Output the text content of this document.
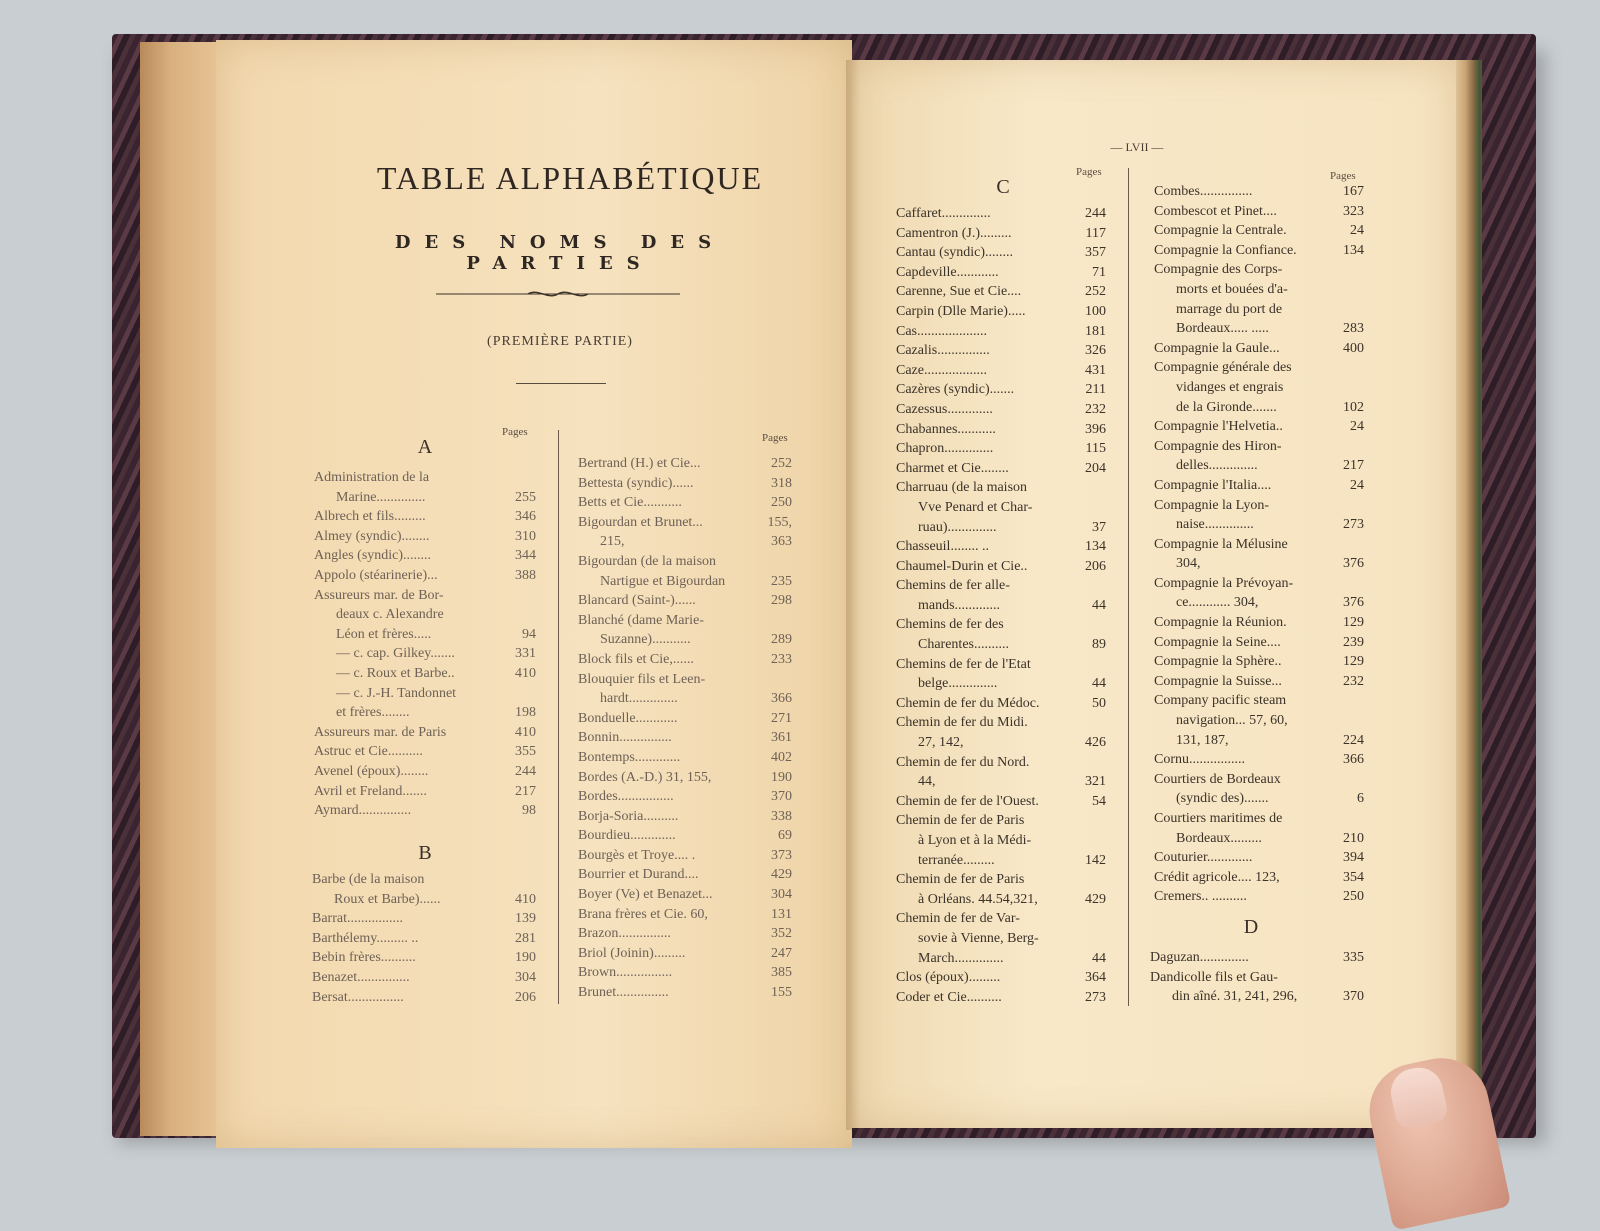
TABLE ALPHABÉTIQUE
DES NOMS DES PARTIES
(PREMIÈRE PARTIE)
Pages
A
Administration de la
Marine..............	255
Albrech et fils.........	346
Almey (syndic)........	310
Angles (syndic)........	344
Appolo (stéarinerie)...	388
Assureurs mar. de Bor-
deaux c. Alexandre
Léon et frères.....	94
— c. cap. Gilkey.......	331
— c. Roux et Barbe..	410
— c. J.-H. Tandonnet
et frères........	198
Assureurs mar. de Paris	410
Astruc et Cie..........	355
Avenel (époux)........	244
Avril et Freland.......	217
Aymard...............	98
B
Barbe (de la maison
Roux et Barbe)......	410
Barrat................	139
Barthélemy......... ..	281
Bebin frères..........	190
Benazet...............	304
Bersat................	206
Pages
Bertrand (H.) et Cie...	252
Bettesta (syndic)......	318
Betts et Cie...........	250
Bigourdan et Brunet...	155,
215,	363
Bigourdan (de la maison
Nartigue et Bigourdan	235
Blancard (Saint-)......	298
Blanché (dame Marie-
Suzanne)...........	289
Block fils et Cie,......	233
Blouquier fils et Leen-
hardt..............	366
Bonduelle............	271
Bonnin...............	361
Bontemps.............	402
Bordes (A.-D.) 31, 155,	190
Bordes................	370
Borja-Soria..........	338
Bourdieu.............	69
Bourgès et Troye.... .	373
Bourrier et Durand....	429
Boyer (Ve) et Benazet...	304
Brana frères et Cie. 60,	131
Brazon...............	352
Briol (Joinin).........	247
Brown................	385
Brunet...............	155
— LVII —
Pages
C
Caffaret..............	244
Camentron (J.).........	117
Cantau (syndic)........	357
Capdeville............	71
Carenne, Sue et Cie....	252
Carpin (Dlle Marie).....	100
Cas....................	181
Cazalis...............	326
Caze..................	431
Cazères (syndic).......	211
Cazessus.............	232
Chabannes...........	396
Chapron..............	115
Charmet et Cie........	204
Charruau (de la maison
Vve Penard et Char-
ruau)..............	37
Chasseuil........ ..	134
Chaumel-Durin et Cie..	206
Chemins de fer alle-
mands.............	44
Chemins de fer des
Charentes..........	89
Chemins de fer de l'Etat
belge..............	44
Chemin de fer du Médoc.	50
Chemin de fer du Midi.
27, 142,	426
Chemin de fer du Nord.
44,	321
Chemin de fer de l'Ouest.	54
Chemin de fer de Paris
à Lyon et à la Médi-
terranée.........	142
Chemin de fer de Paris
à Orléans. 44.54,321,	429
Chemin de fer de Var-
sovie à Vienne, Berg-
March..............	44
Clos (époux).........	364
Coder et Cie..........	273
Pages
Combes...............	167
Combescot et Pinet....	323
Compagnie la Centrale.	24
Compagnie la Confiance.	134
Compagnie des Corps-
morts et bouées d'a-
marrage du port de
Bordeaux..... .....	283
Compagnie la Gaule...	400
Compagnie générale des
vidanges et engrais
de la Gironde.......	102
Compagnie l'Helvetia..	24
Compagnie des Hiron-
delles..............	217
Compagnie l'Italia....	24
Compagnie la Lyon-
naise..............	273
Compagnie la Mélusine
304,	376
Compagnie la Prévoyan-
ce............ 304,	376
Compagnie la Réunion.	129
Compagnie la Seine....	239
Compagnie la Sphère..	129
Compagnie la Suisse...	232
Company pacific steam
navigation... 57, 60,
131, 187,	224
Cornu................	366
Courtiers de Bordeaux
(syndic des).......	6
Courtiers maritimes de
Bordeaux.........	210
Couturier.............	394
Crédit agricole.... 123,	354
Cremers.. ..........	250
D
Daguzan..............	335
Dandicolle fils et Gau-
din aîné. 31, 241, 296,	370
